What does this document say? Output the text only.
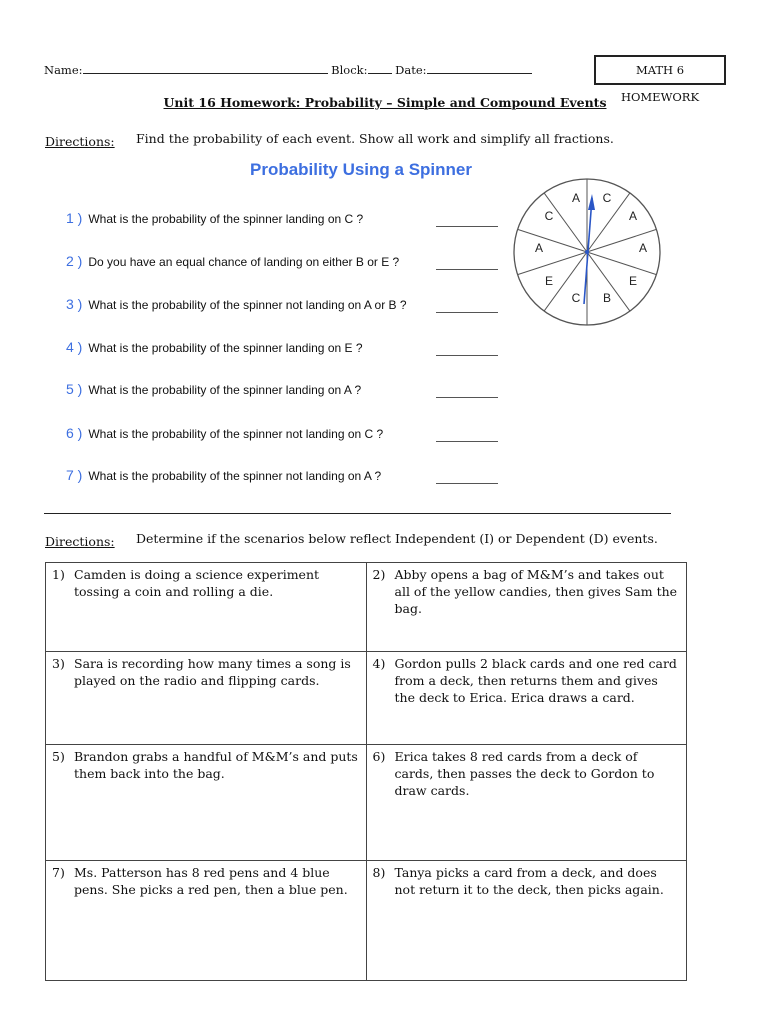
Name:	Block: Date:	MATH 6 HOMEWORK
Unit 16 Homework: Probability – Simple and Compound Events
Directions: Find the probability of each event. Show all work and simplify all fractions.
Probability Using a Spinner
1 ) What is the probability of the spinner landing on C ?
2 ) Do you have an equal chance of landing on either B or E ?
3 ) What is the probability of the spinner not landing on A or B ?
4 ) What is the probability of the spinner landing on E ?
5 ) What is the probability of the spinner landing on A ?
6 ) What is the probability of the spinner not landing on C ?
7 ) What is the probability of the spinner not landing on A ?
C
A
A
E
B
C
E
A
C
A
Directions: Determine if the scenarios below reflect Independent (I) or Dependent (D) events.
1) Camden is doing a science experiment tossing a coin and rolling a die.	2) Abby opens a bag of M&M’s and takes out all of the yellow candies, then gives Sam the bag.

3) Sara is recording how many times a song is played on the radio and flipping cards.	4) Gordon pulls 2 black cards and one red card from a deck, then returns them and gives the deck to Erica. Erica draws a card.

5) Brandon grabs a handful of M&M’s and puts them back into the bag.	6) Erica takes 8 red cards from a deck of cards, then passes the deck to Gordon to draw cards.

7) Ms. Patterson has 8 red pens and 4 blue pens. She picks a red pen, then a blue pen.	8) Tanya picks a card from a deck, and does not return it to the deck, then picks again.
